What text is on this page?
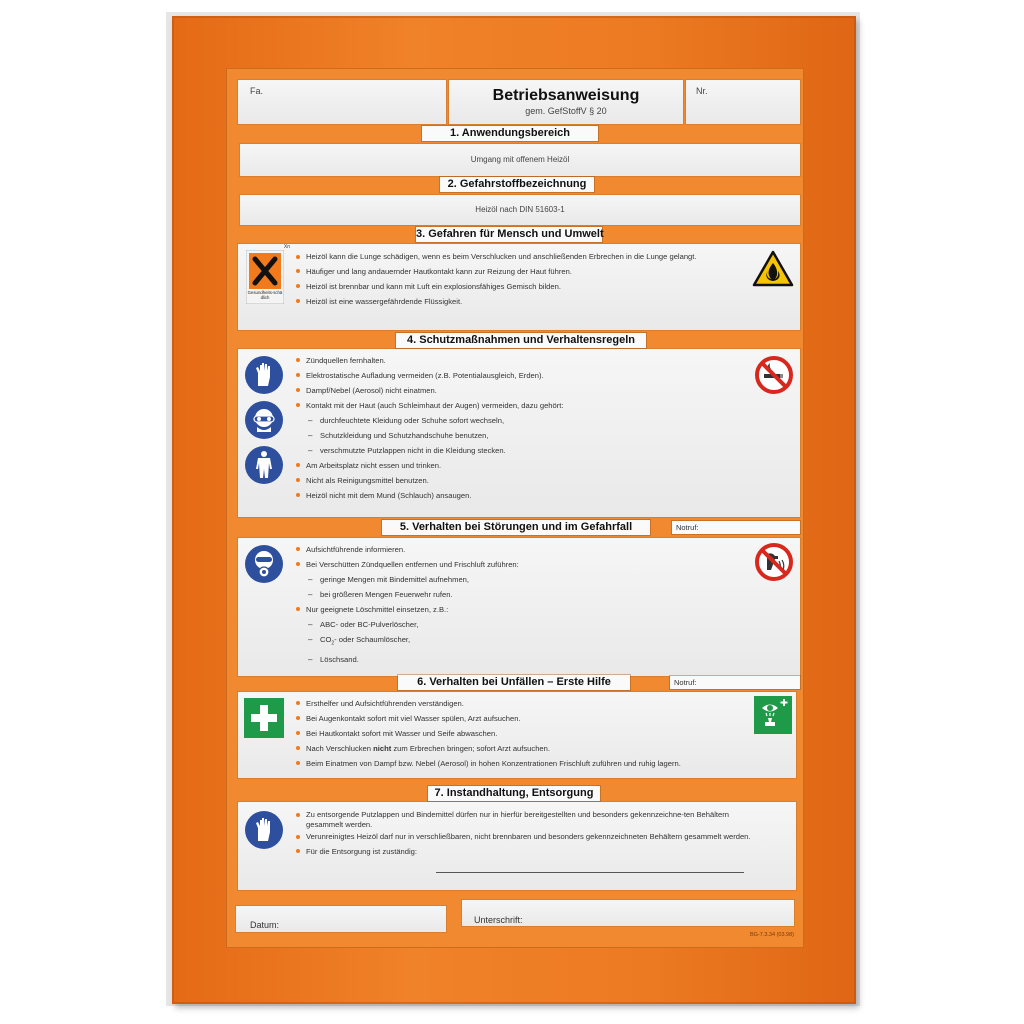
Fa.	Betriebsanweisung
gem. GefStoffV § 20
Nr.
1. Anwendungsbereich
Umgang mit offenem Heizöl
2. Gefahrstoffbezeichnung
Heizöl nach DIN 51603-1
3. Gefahren für Mensch und Umwelt
Xn
Gesundheits-schädlich
Heizöl kann die Lunge schädigen, wenn es beim Verschlucken und anschließenden Erbrechen in die Lunge gelangt.
Häufiger und lang andauernder Hautkontakt kann zur Reizung der Haut führen.
Heizöl ist brennbar und kann mit Luft ein explosionsfähiges Gemisch bilden.
Heizöl ist eine wassergefährdende Flüssigkeit.
4. Schutzmaßnahmen und Verhaltensregeln
Zündquellen fernhalten.
Elektrostatische Aufladung vermeiden (z.B. Potentialausgleich, Erden).
Dampf/Nebel (Aerosol) nicht einatmen.
Kontakt mit der Haut (auch Schleimhaut der Augen) vermeiden, dazu gehört:
– durchfeuchtete Kleidung oder Schuhe sofort wechseln,
– Schutzkleidung und Schutzhandschuhe benutzen,
– verschmutzte Putzlappen nicht in die Kleidung stecken.
Am Arbeitsplatz nicht essen und trinken.
Nicht als Reinigungsmittel benutzen.
Heizöl nicht mit dem Mund (Schlauch) ansaugen.
5. Verhalten bei Störungen und im Gefahrfall	Notruf:
Aufsichtführende informieren.
Bei Verschütten Zündquellen entfernen und Frischluft zuführen:
– geringe Mengen mit Bindemittel aufnehmen,
– bei größeren Mengen Feuerwehr rufen.
Nur geeignete Löschmittel einsetzen, z.B.:
– ABC- oder BC-Pulverlöscher,
– $CO_2-$ oder Schaumlöscher,
– Löschsand.
6. Verhalten bei Unfällen – Erste Hilfe	Notruf:
Ersthelfer und Aufsichtführenden verständigen.
Bei Augenkontakt sofort mit viel Wasser spülen, Arzt aufsuchen.
Bei Hautkontakt sofort mit Wasser und Seife abwaschen.
Nach Verschlucken nicht zum Erbrechen bringen; sofort Arzt aufsuchen.
Beim Einatmen von Dampf bzw. Nebel (Aerosol) in hohen Konzentrationen Frischluft zuführen und ruhig lagern.
7. Instandhaltung, Entsorgung
Zu entsorgende Putzlappen und Bindemittel dürfen nur in hierfür bereitgestellten und besonders gekennzeichne-ten Behältern gesammelt werden.
Verunreinigtes Heizöl darf nur in verschließbaren, nicht brennbaren und besonders gekennzeichneten Behältern gesammelt werden.
Für die Entsorgung ist zuständig:
Datum:	Unterschrift:
BG-7.3.34 (03.98)
